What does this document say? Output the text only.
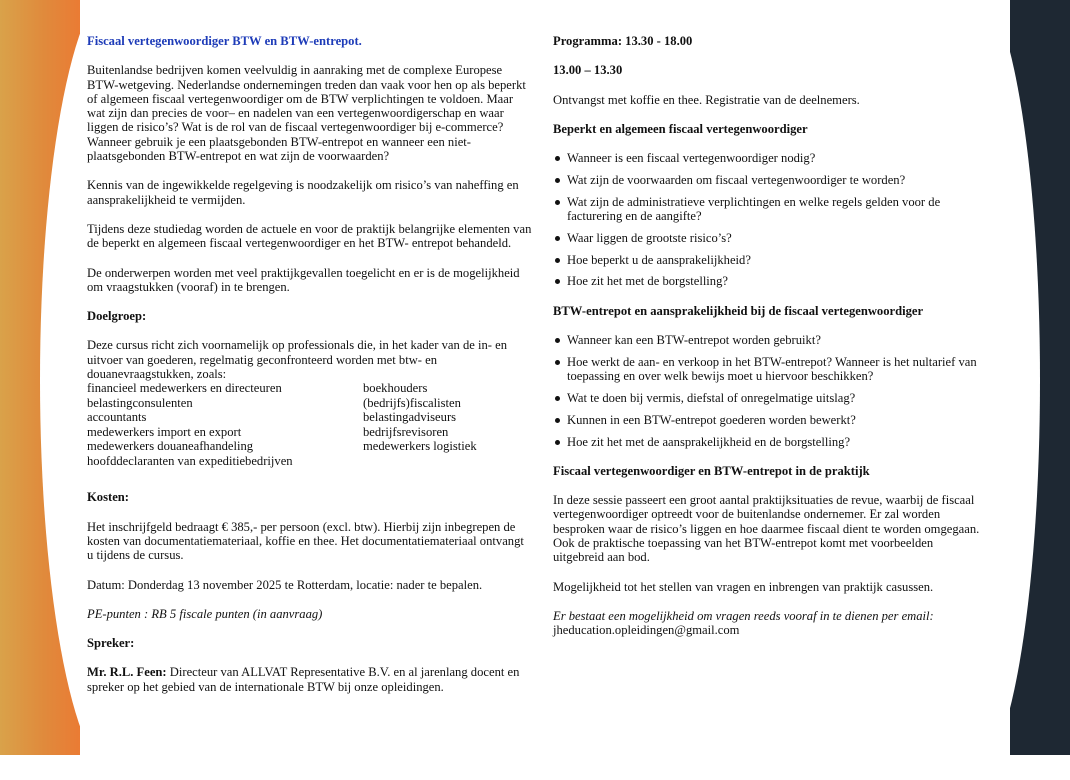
Fiscaal vertegenwoordiger BTW en BTW-entrepot.

Buitenlandse bedrijven komen veelvuldig in aanraking met de complexe Europese BTW-wetgeving. Nederlandse ondernemingen treden dan vaak voor hen op als beperkt of algemeen fiscaal vertegenwoordiger om de BTW verplichtingen te voldoen. Maar wat zijn dan precies de voor– en nadelen van een vertegenwoordigerschap en waar liggen de risico’s? Wat is de rol van de fiscaal vertegenwoordiger bij e-commerce? Wanneer gebruik je een plaatsgebonden BTW-entrepot en wanneer een niet-plaatsgebonden BTW-entrepot en wat zijn de voorwaarden?

Kennis van de ingewikkelde regelgeving is noodzakelijk om risico’s van naheffing en aansprakelijkheid te vermijden.

Tijdens deze studiedag worden de actuele en voor de praktijk belangrijke elementen van de beperkt en algemeen fiscaal vertegenwoordiger en het BTW- entrepot behandeld.

De onderwerpen worden met veel praktijkgevallen toegelicht en er is de mogelijkheid om vraagstukken (vooraf) in te brengen.

Doelgroep:
Deze cursus richt zich voornamelijk op professionals die, in het kader van de in- en uitvoer van goederen, regelmatig geconfronteerd worden met btw- en douanevraagstukken, zoals:
financieel medewerkers en directeuren	boekhouders
belastingconsulenten	(bedrijfs)fiscalisten
accountants	belastingadviseurs
medewerkers import en export	bedrijfsrevisoren
medewerkers douaneafhandeling	medewerkers logistiek
hoofddeclaranten van expeditiebedrijven
Kosten:

Het inschrijfgeld bedraagt € 385,- per persoon (excl. btw). Hierbij zijn inbegrepen de kosten van documentatiemateriaal, koffie en thee. Het documentatiemateriaal ontvangt u tijdens de cursus.

Datum: Donderdag 13 november 2025 te Rotterdam, locatie: nader te bepalen.

PE-punten : RB 5 fiscale punten (in aanvraag)

Spreker:

Mr. R.L. Feen: Directeur van ALLVAT Representative B.V. en al jarenlang docent en spreker op het gebied van de internationale BTW bij onze opleidingen.

Programma: 13.30 - 18.00
13.00 – 13.30

Ontvangst met koffie en thee. Registratie van de deelnemers.

Beperkt en algemeen fiscaal vertegenwoordiger
Wanneer is een fiscaal vertegenwoordiger nodig?
Wat zijn de voorwaarden om fiscaal vertegenwoordiger te worden?
Wat zijn de administratieve verplichtingen en welke regels gelden voor de facturering en de aangifte?
Waar liggen de grootste risico’s?
Hoe beperkt u de aansprakelijkheid?
Hoe zit het met de borgstelling?
BTW-entrepot en aansprakelijkheid bij de fiscaal vertegenwoordiger
Wanneer kan een BTW-entrepot worden gebruikt?
Hoe werkt de aan- en verkoop in het BTW-entrepot? Wanneer is het nultarief van toepassing en over welk bewijs moet u hiervoor beschikken?
Wat te doen bij vermis, diefstal of onregelmatige uitslag?
Kunnen in een BTW-entrepot goederen worden bewerkt?
Hoe zit het met de aansprakelijkheid en de borgstelling?
Fiscaal vertegenwoordiger en BTW-entrepot in de praktijk

In deze sessie passeert een groot aantal praktijksituaties de revue, waarbij de fiscaal vertegenwoordiger optreedt voor de buitenlandse ondernemer. Er zal worden besproken waar de risico’s liggen en hoe daarmee fiscaal dient te worden omgegaan. Ook de praktische toepassing van het BTW-entrepot komt met voorbeelden uitgebreid aan bod.

Mogelijkheid tot het stellen van vragen en inbrengen van praktijk casussen.

Er bestaat een mogelijkheid om vragen reeds vooraf in te dienen per email:
jheducation.opleidingen@gmail.com
